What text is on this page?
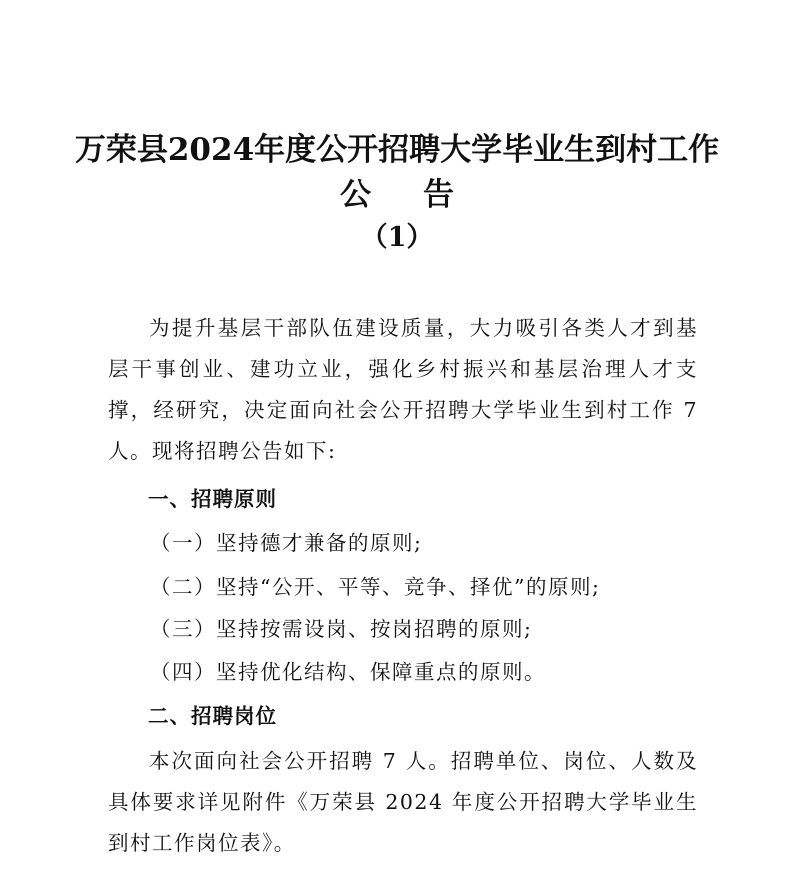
万荣县2024年度公开招聘大学毕业生到村工作
公 告
（1）
为提升基层干部队伍建设质量，大力吸引各类人才到基层干事创业、建功立业，强化乡村振兴和基层治理人才支撑，经研究，决定面向社会公开招聘大学毕业生到村工作 7 人。现将招聘公告如下:
一、招聘原则
（一）坚持德才兼备的原则;
（二）坚持“公开、平等、竞争、择优”的原则;
（三）坚持按需设岗、按岗招聘的原则;
（四）坚持优化结构、保障重点的原则。
二、招聘岗位
本次面向社会公开招聘 7 人。招聘单位、岗位、人数及具体要求详见附件《万荣县 2024 年度公开招聘大学毕业生到村工作岗位表》。
